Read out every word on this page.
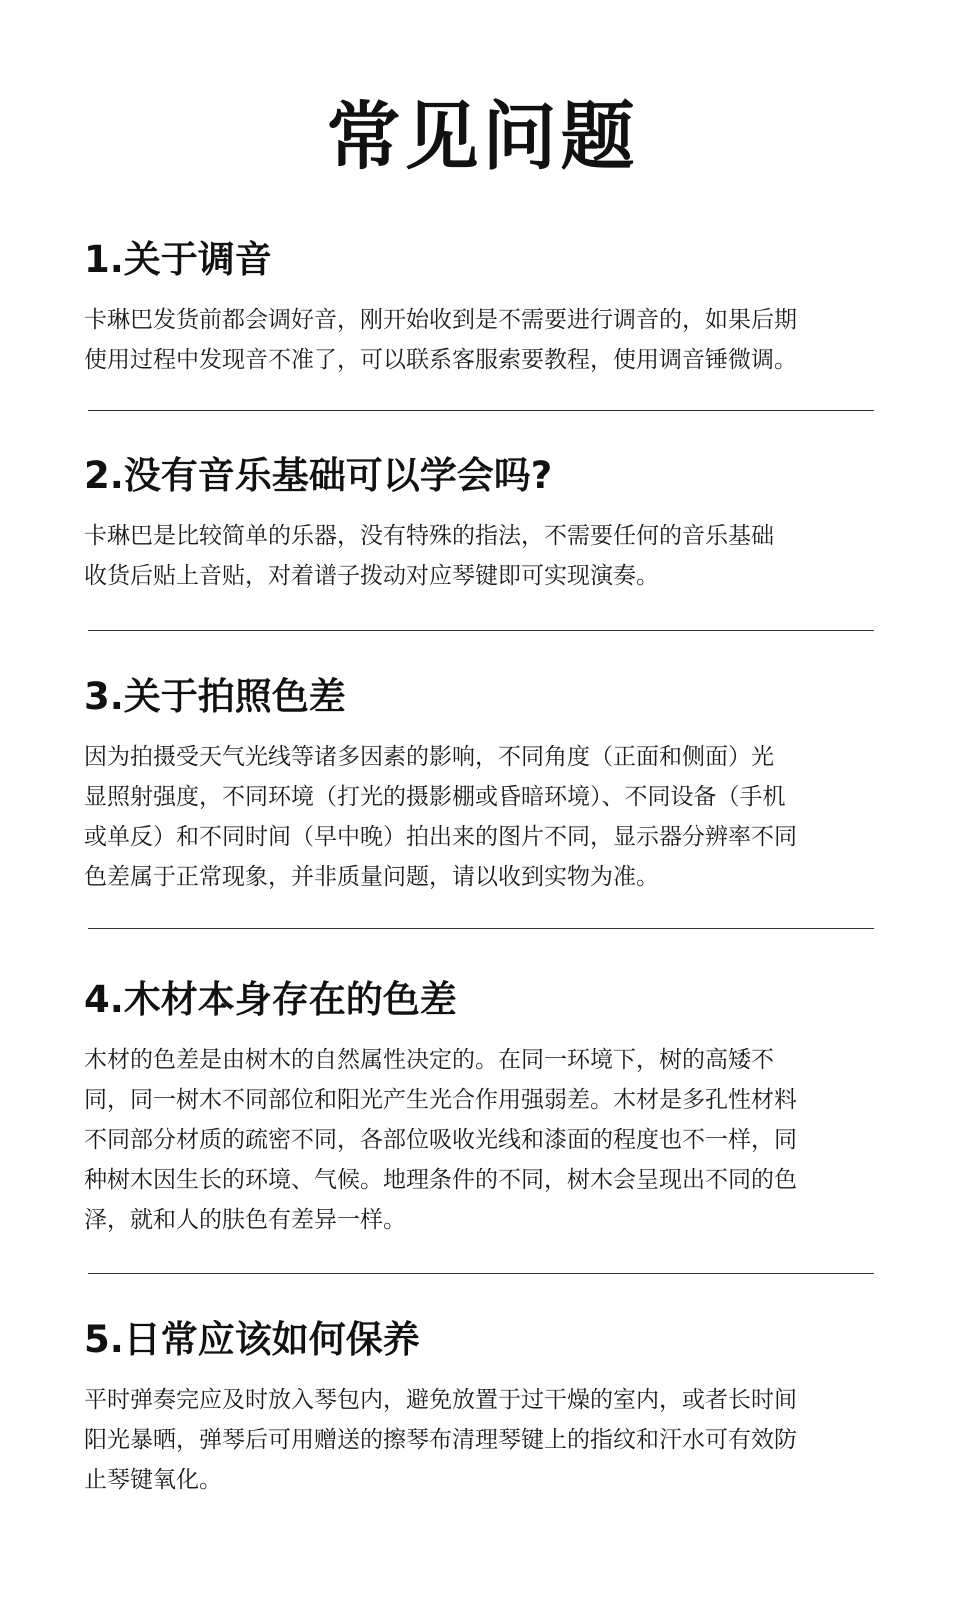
常见问题
1.关于调音

卡琳巴发货前都会调好音，刚开始收到是不需要进行调音的，如果后期
使用过程中发现音不准了，可以联系客服索要教程，使用调音锤微调。

2.没有音乐基础可以学会吗?

卡琳巴是比较简单的乐器，没有特殊的指法，不需要任何的音乐基础
收货后贴上音贴，对着谱子拨动对应琴键即可实现演奏。

3.关于拍照色差

因为拍摄受天气光线等诸多因素的影响，不同角度（正面和侧面）光
显照射强度，不同环境（打光的摄影棚或昏暗环境）、不同设备（手机
或单反）和不同时间（早中晚）拍出来的图片不同，显示器分辨率不同
色差属于正常现象，并非质量问题，请以收到实物为准。

4.木材本身存在的色差

木材的色差是由树木的自然属性决定的。在同一环境下，树的高矮不
同，同一树木不同部位和阳光产生光合作用强弱差。木材是多孔性材料
不同部分材质的疏密不同，各部位吸收光线和漆面的程度也不一样，同
种树木因生长的环境、气候。地理条件的不同，树木会呈现出不同的色
泽，就和人的肤色有差异一样。

5.日常应该如何保养

平时弹奏完应及时放入琴包内，避免放置于过干燥的室内，或者长时间
阳光暴晒，弹琴后可用赠送的擦琴布清理琴键上的指纹和汗水可有效防
止琴键氧化。
